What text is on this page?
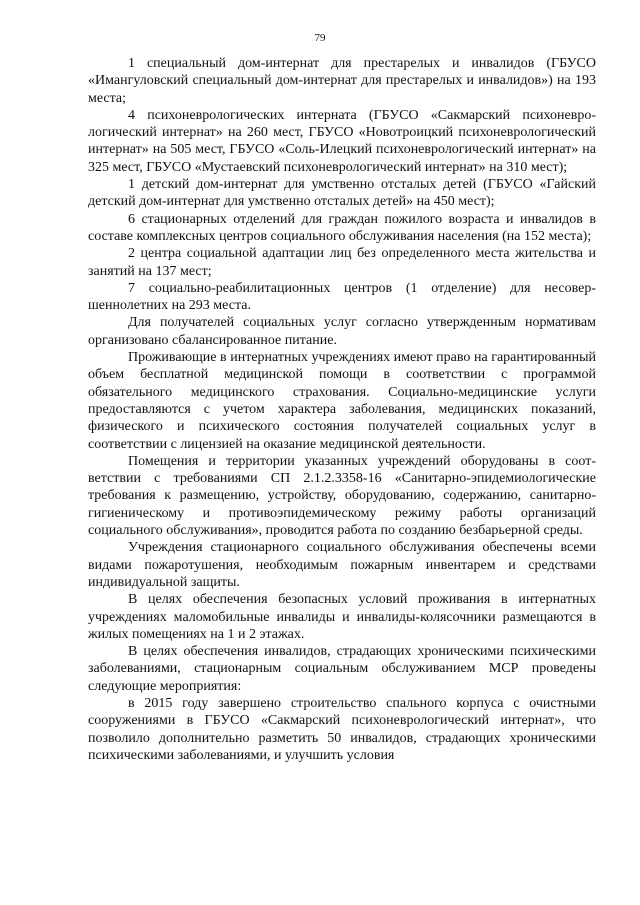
79

1 специальный дом-интернат для престарелых и инвалидов (ГБУСО «Имангуловский специальный дом-интернат для престарелых и инвалидов») на 193 места;

4 психоневрологических интерната (ГБУСО «Сакмарский психоневрологический интернат» на 260 мест, ГБУСО «Новотроицкий психоневрологический интернат» на 505 мест, ГБУСО «Соль-Илецкий психоневрологический интернат» на 325 мест, ГБУСО «Мустаевский психоневрологический интернат» на 310 мест);

1 детский дом-интернат для умственно отсталых детей (ГБУСО «Гайский детский дом-интернат для умственно отсталых детей» на 450 мест);

6 стационарных отделений для граждан пожилого возраста и инвалидов в составе комплексных центров социального обслуживания населения (на 152 места);

2 центра социальной адаптации лиц без определенного места жительства и занятий на 137 мест;

7 социально-реабилитационных центров (1 отделение) для несовершеннолетних на 293 места.

Для получателей социальных услуг согласно утвержденным нормативам организовано сбалансированное питание.

Проживающие в интернатных учреждениях имеют право на гарантированный объем бесплатной медицинской помощи в соответствии с программой обязательного медицинского страхования. Социально-медицинские услуги предоставляются с учетом характера заболевания, медицинских показаний, физического и психического состояния получателей социальных услуг в соответствии с лицензией на оказание медицинской деятельности.

Помещения и территории указанных учреждений оборудованы в соответствии с требованиями СП 2.1.2.3358-16 «Санитарно-эпидемиологические требования к размещению, устройству, оборудованию, содержанию, санитарно-гигиеническому и противоэпидемическому режиму работы организаций социального обслуживания», проводится работа по созданию безбарьерной среды.

Учреждения стационарного социального обслуживания обеспечены всеми видами пожаротушения, необходимым пожарным инвентарем и средствами индивидуальной защиты.

В целях обеспечения безопасных условий проживания в интернатных учреждениях маломобильные инвалиды и инвалиды-колясочники размещаются в жилых помещениях на 1 и 2 этажах.

В целях обеспечения инвалидов, страдающих хроническими психическими заболеваниями, стационарным социальным обслуживанием МСР проведены следующие мероприятия:

в 2015 году завершено строительство спального корпуса с очистными сооружениями в ГБУСО «Сакмарский психоневрологический интернат», что позволило дополнительно разметить 50 инвалидов, страдающих хроническими психическими заболеваниями, и улучшить условия
